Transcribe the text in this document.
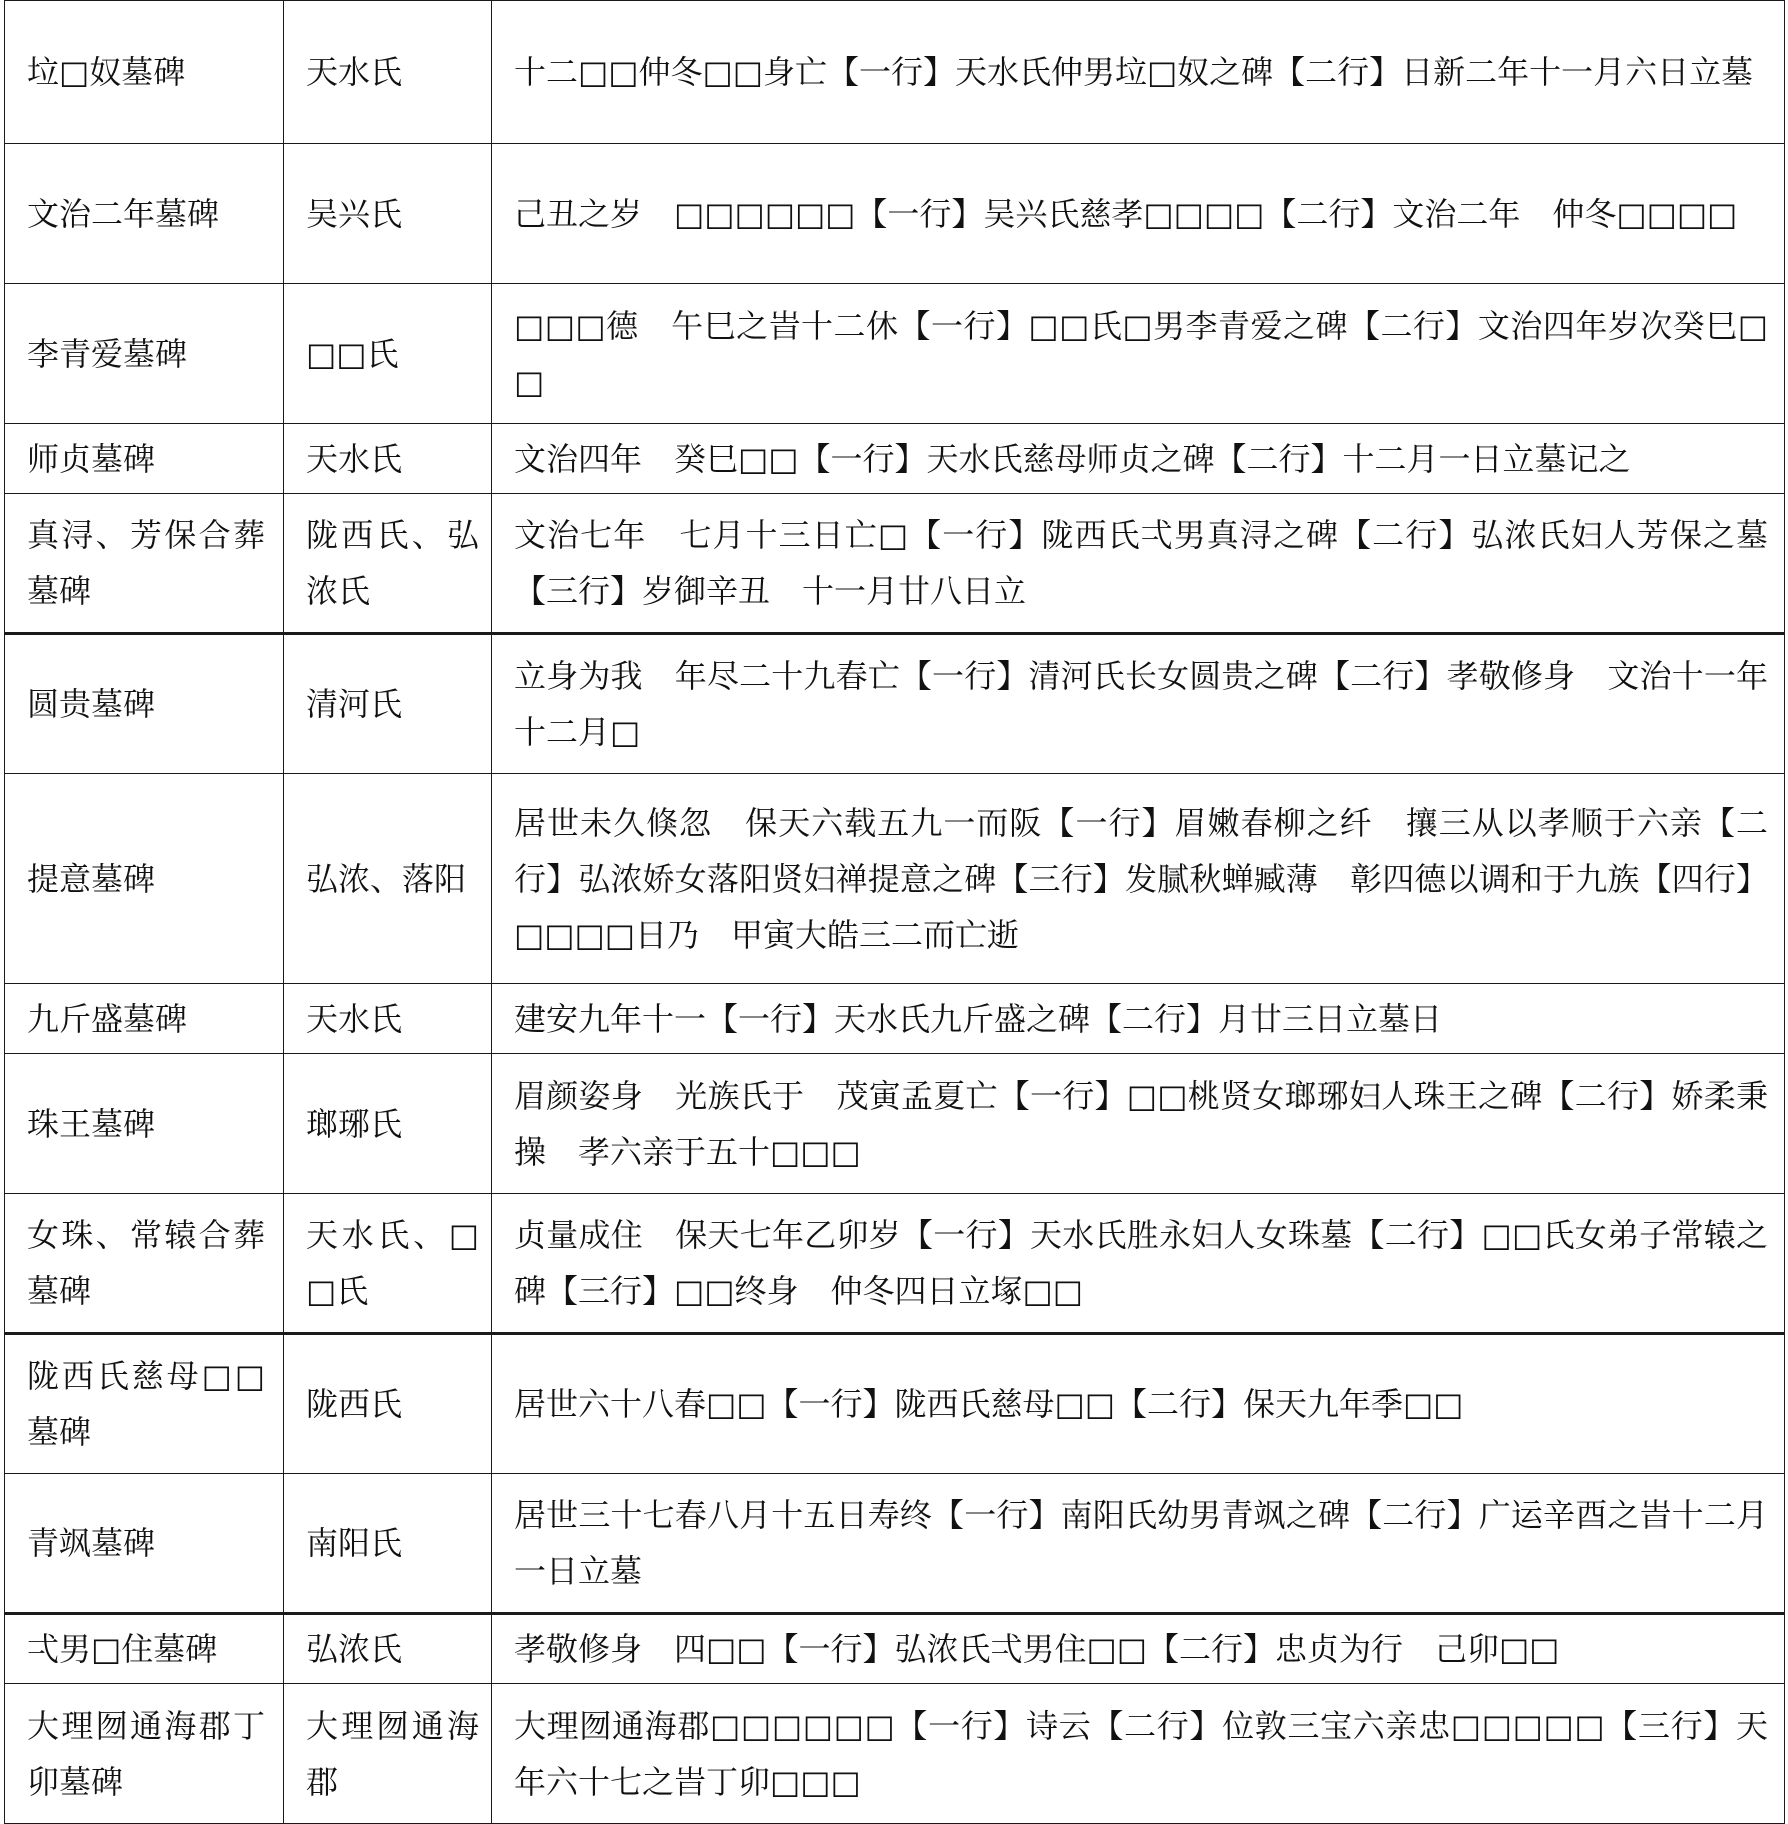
垃□奴墓碑	天水氏	十二□□仲冬□□身亡【一行】天水氏仲男垃□奴之碑【二行】日新二年十一月六日立墓
文治二年墓碑	吴兴氏	己丑之岁　□□□□□□【一行】吴兴氏慈孝□□□□【二行】文治二年　仲冬□□□□
李青爱墓碑	□□氏	□□□德　午巳之旹十二休【一行】□□氏□男李青爱之碑【二行】文治四年岁次癸巳□□
师贞墓碑	天水氏	文治四年　癸巳□□【一行】天水氏慈母师贞之碑【二行】十二月一日立墓记之
真浔、芳保合葬墓碑	陇西氏、弘浓氏	文治七年　七月十三日亡□【一行】陇西氏弌男真浔之碑【二行】弘浓氏妇人芳保之墓【三行】岁御辛丑　十一月廿八日立
圆贵墓碑	清河氏	立身为我　年尽二十九春亡【一行】清河氏长女圆贵之碑【二行】孝敬修身　文治十一年十二月□
提意墓碑	弘浓、落阳	居世未久倏忽　保天六载五九一而阪【一行】眉嫩春柳之纤　攘三从以孝顺于六亲【二行】弘浓娇女落阳贤妇禅提意之碑【三行】发腻秋蝉臧薄　彰四德以调和于九族【四行】□□□□日乃　甲寅大皓三二而亡逝
九斤盛墓碑	天水氏	建安九年十一【一行】天水氏九斤盛之碑【二行】月廿三日立墓日
珠王墓碑	瑯琊氏	眉颜姿身　光族氏于　茂寅孟夏亡【一行】□□桃贤女瑯琊妇人珠王之碑【二行】娇柔秉操　孝六亲于五十□□□
女珠、常辕合葬墓碑	天水氏、□□氏	贞量成住　保天七年乙卯岁【一行】天水氏胜永妇人女珠墓【二行】□□氏女弟子常辕之碑【三行】□□终身　仲冬四日立塚□□
陇西氏慈母□□墓碑	陇西氏	居世六十八春□□【一行】陇西氏慈母□□【二行】保天九年季□□
青飒墓碑	南阳氏	居世三十七春八月十五日寿终【一行】南阳氏幼男青飒之碑【二行】广运辛酉之旹十二月一日立墓
弌男□住墓碑	弘浓氏	孝敬修身　四□□【一行】弘浓氏弌男住□□【二行】忠贞为行　己卯□□
大理囫通海郡丁卯墓碑	大理囫通海郡	大理囫通海郡□□□□□□【一行】诗云【二行】位敦三宝六亲忠□□□□□【三行】天年六十七之旹丁卯□□□
